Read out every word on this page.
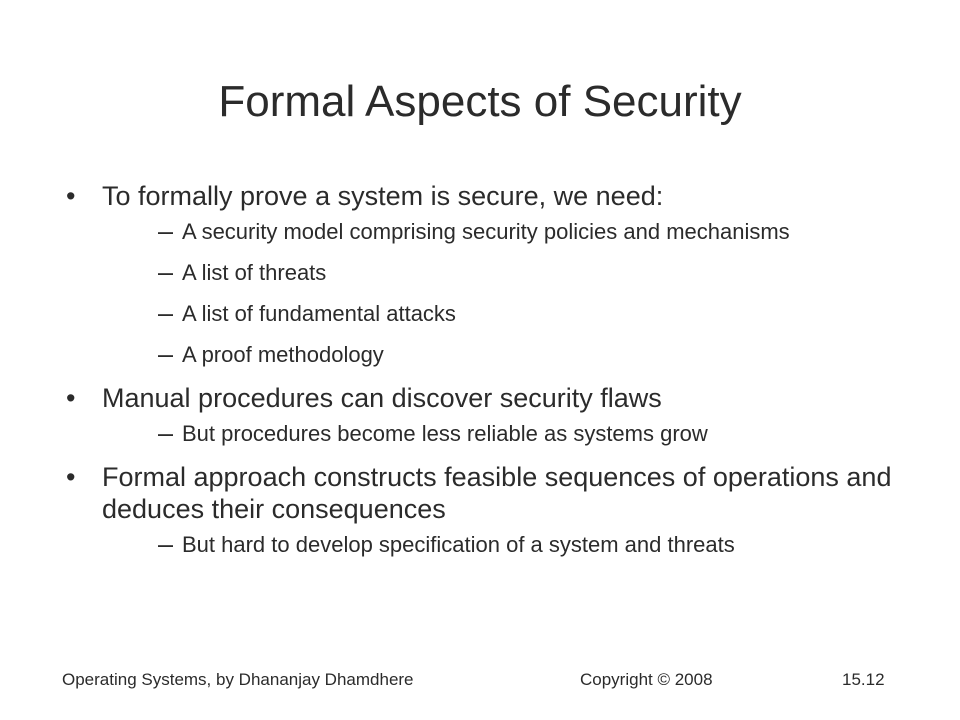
Formal Aspects of Security
• To formally prove a system is secure, we need:
– A security model comprising security policies and mechanisms
– A list of threats
– A list of fundamental attacks
– A proof methodology
• Manual procedures can discover security flaws
– But procedures become less reliable as systems grow
• Formal approach constructs feasible sequences of operations and deduces their consequences
– But hard to develop specification of a system and threats
Operating Systems, by Dhananjay Dhamdhere	Copyright © 2008	15.12
